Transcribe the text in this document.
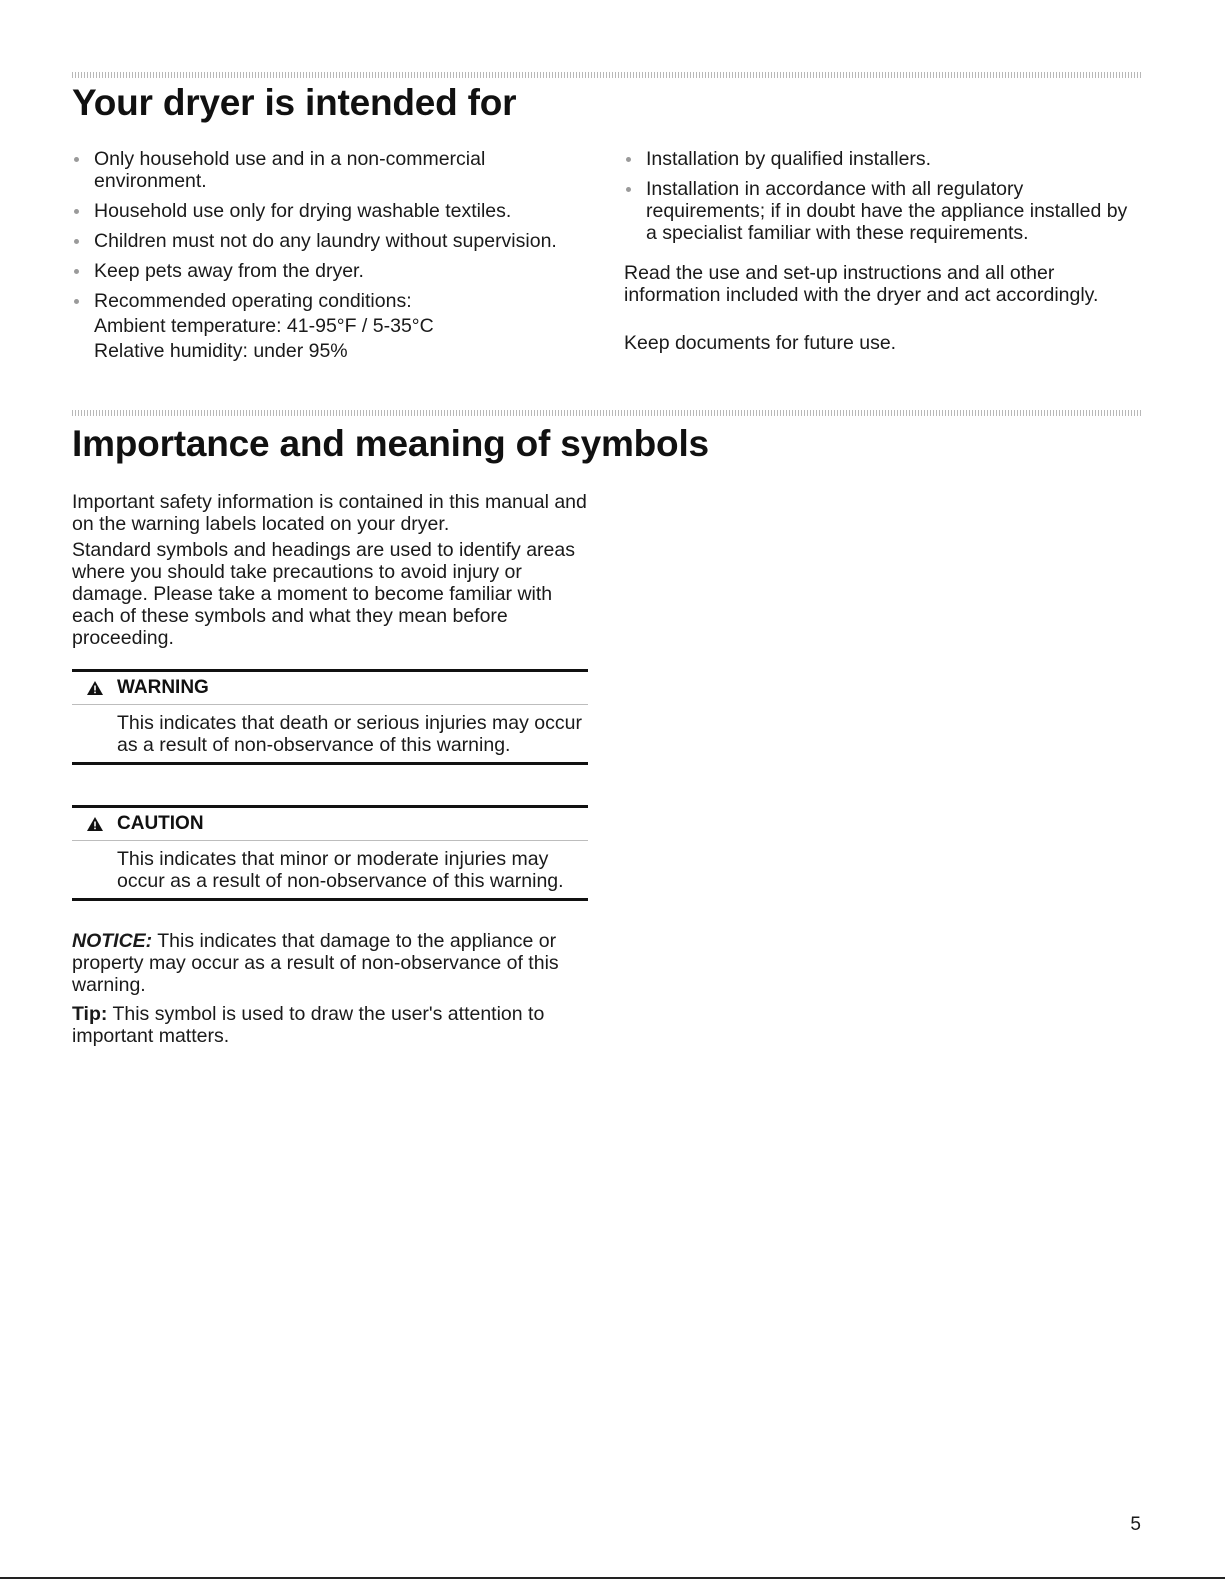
Your dryer is intended for
Only household use and in a non-commercial environment.
Household use only for drying washable textiles.
Children must not do any laundry without supervision.
Keep pets away from the dryer.
Recommended operating conditions:
Ambient temperature: 41-95°F / 5-35°C
Relative humidity: under 95%
Installation by qualified installers.
Installation in accordance with all regulatory requirements; if in doubt have the appliance installed by a specialist familiar with these requirements.

Read the use and set-up instructions and all other information included with the dryer and act accordingly.

Keep documents for future use.

Importance and meaning of symbols

Important safety information is contained in this manual and on the warning labels located on your dryer.

Standard symbols and headings are used to identify areas where you should take precautions to avoid injury or damage. Please take a moment to become familiar with each of these symbols and what they mean before proceeding.

WARNING
This indicates that death or serious injuries may occur as a result of non-observance of this warning.
CAUTION
This indicates that minor or moderate injuries may occur as a result of non-observance of this warning.

NOTICE: This indicates that damage to the appliance or property may occur as a result of non-observance of this warning.

Tip: This symbol is used to draw the user's attention to important matters.

5
